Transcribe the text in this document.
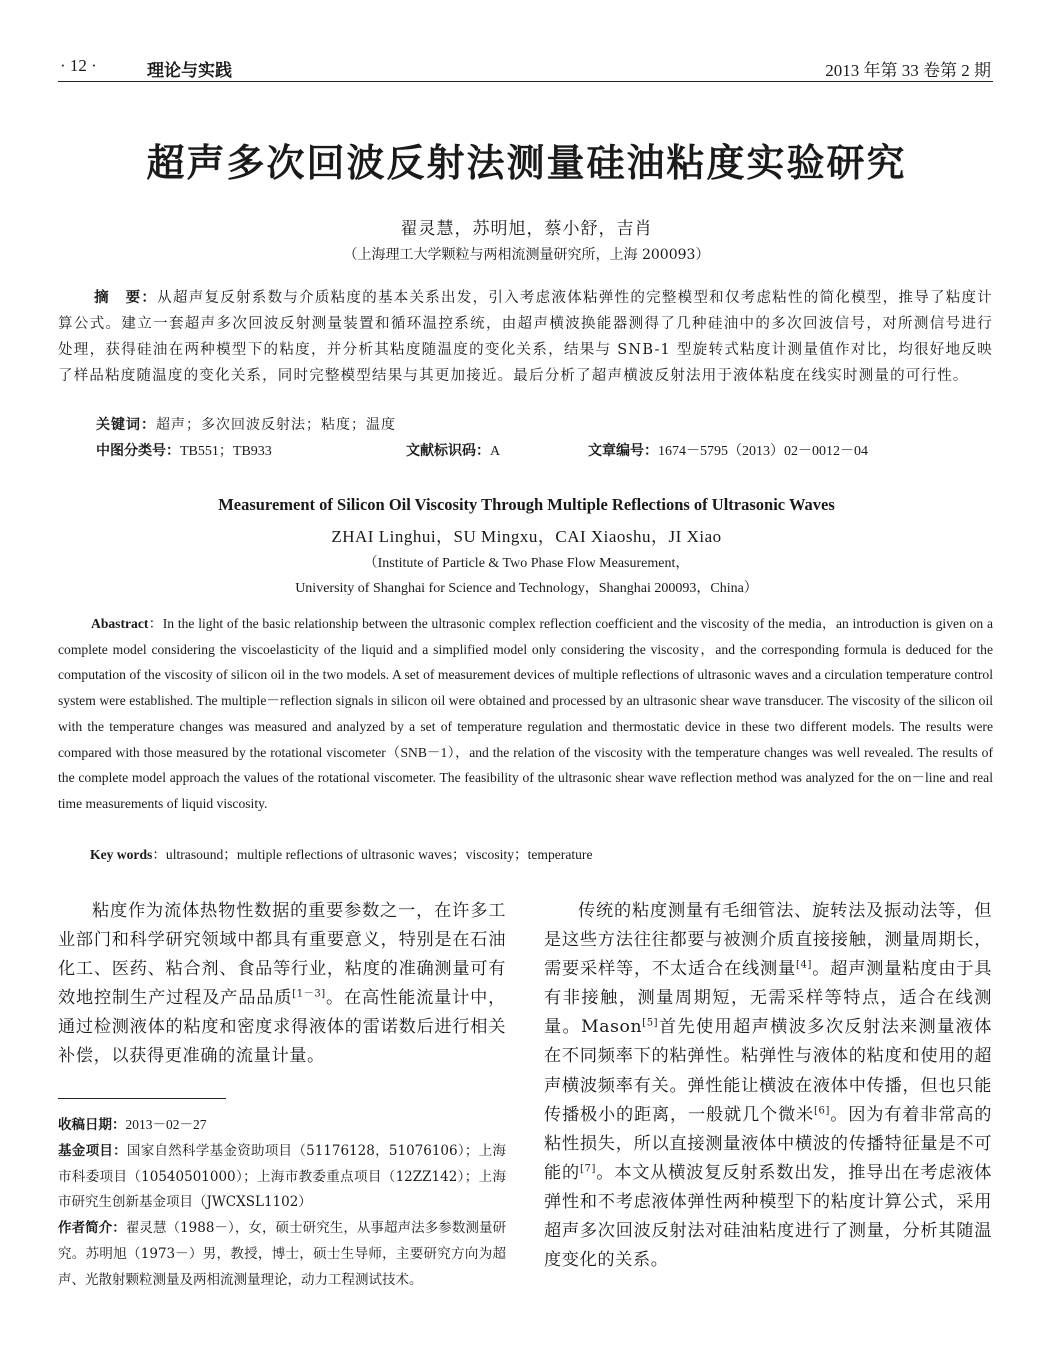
· 12 ·	理论与实践	2013 年第 33 卷第 2 期
超声多次回波反射法测量硅油粘度实验研究
翟灵慧，苏明旭，蔡小舒，吉肖
（上海理工大学颗粒与两相流测量研究所，上海 200093）
摘　要：从超声复反射系数与介质粘度的基本关系出发，引入考虑液体粘弹性的完整模型和仅考虑粘性的简化模型，推导了粘度计算公式。建立一套超声多次回波反射测量装置和循环温控系统，由超声横波换能器测得了几种硅油中的多次回波信号，对所测信号进行处理，获得硅油在两种模型下的粘度，并分析其粘度随温度的变化关系，结果与 SNB-1 型旋转式粘度计测量值作对比，均很好地反映了样品粘度随温度的变化关系，同时完整模型结果与其更加接近。最后分析了超声横波反射法用于液体粘度在线实时测量的可行性。
关键词：超声；多次回波反射法；粘度；温度
中图分类号：TB551；TB933	文献标识码：A	文章编号：1674－5795（2013）02－0012－04
Measurement of Silicon Oil Viscosity Through Multiple Reflections of Ultrasonic Waves
ZHAI Linghui，SU Mingxu，CAI Xiaoshu，JI Xiao
（Institute of Particle & Two Phase Flow Measurement，
University of Shanghai for Science and Technology，Shanghai 200093，China）
Abastract：In the light of the basic relationship between the ultrasonic complex reflection coefficient and the viscosity of the media，an introduction is given on a complete model considering the viscoelasticity of the liquid and a simplified model only considering the viscosity，and the corresponding formula is deduced for the computation of the viscosity of silicon oil in the two models. A set of measurement devices of multiple reflections of ultrasonic waves and a circulation temperature control system were established. The multiple－reflection signals in silicon oil were obtained and processed by an ultrasonic shear wave transducer. The viscosity of the silicon oil with the temperature changes was measured and analyzed by a set of temperature regulation and thermostatic device in these two different models. The results were compared with those measured by the rotational viscometer（SNB－1），and the relation of the viscosity with the temperature changes was well revealed. The results of the complete model approach the values of the rotational viscometer. The feasibility of the ultrasonic shear wave reflection method was analyzed for the on－line and real time measurements of liquid viscosity.
Key words：ultrasound；multiple reflections of ultrasonic waves；viscosity；temperature
粘度作为流体热物性数据的重要参数之一，在许多工业部门和科学研究领域中都具有重要意义，特别是在石油化工、医药、粘合剂、食品等行业，粘度的准确测量可有效地控制生产过程及产品品质[1－3]。在高性能流量计中，通过检测液体的粘度和密度求得液体的雷诺数后进行相关补偿，以获得更准确的流量计量。
传统的粘度测量有毛细管法、旋转法及振动法等，但是这些方法往往都要与被测介质直接接触，测量周期长，需要采样等，不太适合在线测量[4]。超声测量粘度由于具有非接触，测量周期短，无需采样等特点，适合在线测量。Mason[5]首先使用超声横波多次反射法来测量液体在不同频率下的粘弹性。粘弹性与液体的粘度和使用的超声横波频率有关。弹性能让横波在液体中传播，但也只能传播极小的距离，一般就几个微米[6]。因为有着非常高的粘性损失，所以直接测量液体中横波的传播特征量是不可能的[7]。本文从横波复反射系数出发，推导出在考虑液体弹性和不考虑液体弹性两种模型下的粘度计算公式，采用超声多次回波反射法对硅油粘度进行了测量，分析其随温度变化的关系。

收稿日期：2013－02－27

基金项目：国家自然科学基金资助项目（51176128，51076106）；上海市科委项目（10540501000）；上海市教委重点项目（12ZZ142）；上海市研究生创新基金项目（JWCXSL1102）

作者简介：翟灵慧（1988－），女，硕士研究生，从事超声法多参数测量研究。苏明旭（1973－）男，教授，博士，硕士生导师，主要研究方向为超声、光散射颗粒测量及两相流测量理论，动力工程测试技术。
